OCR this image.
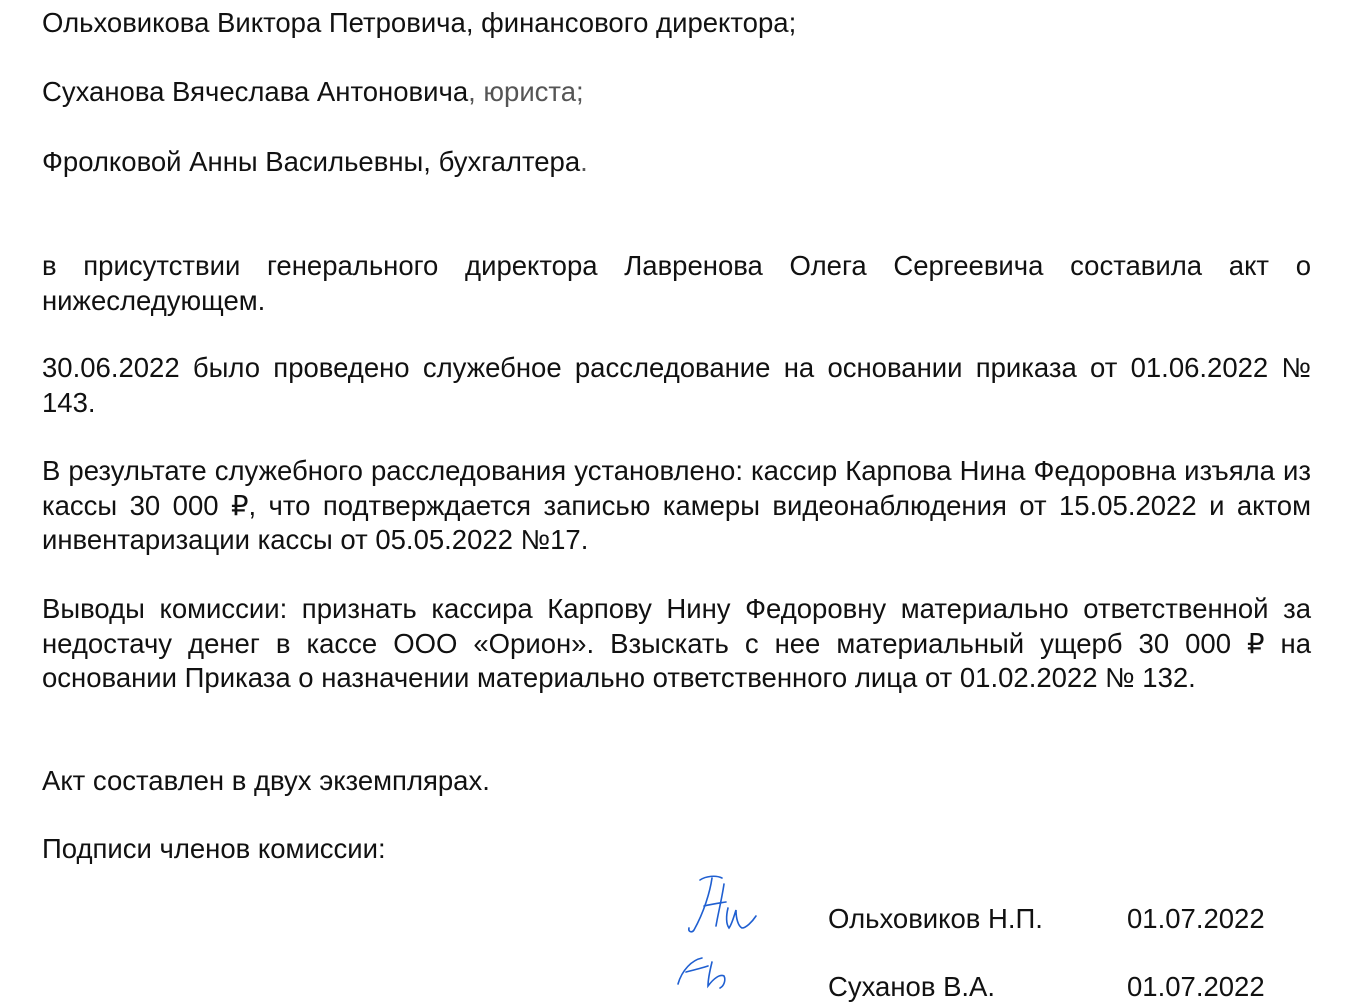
Ольховикова Виктора Петровича, финансового директора;
Суханова Вячеслава Антоновича, юриста;
Фролковой Анны Васильевны, бухгалтера.
в присутствии генерального директора Лавренова Олега Сергеевича составила акт о нижеследующем.
30.06.2022 было проведено служебное расследование на основании приказа от 01.06.2022 № 143.
В результате служебного расследования установлено: кассир Карпова Нина Федоровна изъяла из кассы 30 000 ₽, что подтверждается записью камеры видеонаблюдения от 15.05.2022 и актом инвентаризации кассы от 05.05.2022 №17.
Выводы комиссии: признать кассира Карпову Нину Федоровну материально ответственной за недостачу денег в кассе ООО «Орион». Взыскать с нее материальный ущерб 30 000 ₽ на основании Приказа о назначении материально ответственного лица от 01.02.2022 № 132.
Акт составлен в двух экземплярах.
Подписи членов комиссии:
Ольховиков Н.П.	01.07.2022
Суханов В.А.	01.07.2022
